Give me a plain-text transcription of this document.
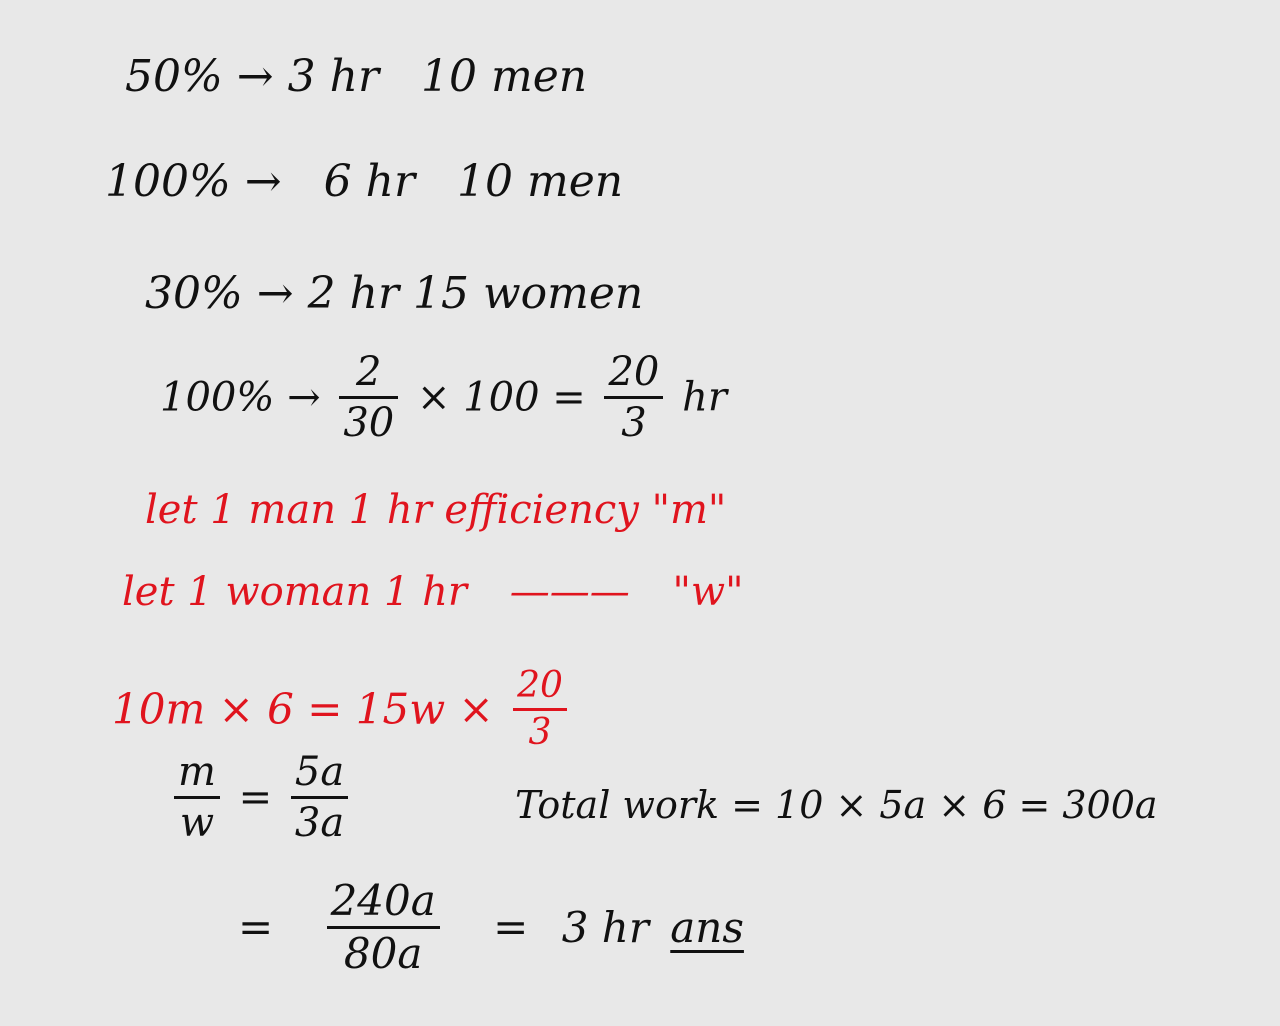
50% → 3 hr 10 men
100% → 6 hr 10 men
30% → 2 hr 15 women
$100\% \to \frac{2}{30} \times 100 = \frac{20}{3}$ hr
let 1 man 1 hr efficiency "m"
let 1 woman 1 hr ——— "w"
$10m \times 6 = 15w \times \frac{20}{3}$
$\frac{m}{w} = \frac{5a}{3a}$	Total work = 10 × 5a × 6 = 300a
= $\frac{240a}{80a} = 3$ hr ans
